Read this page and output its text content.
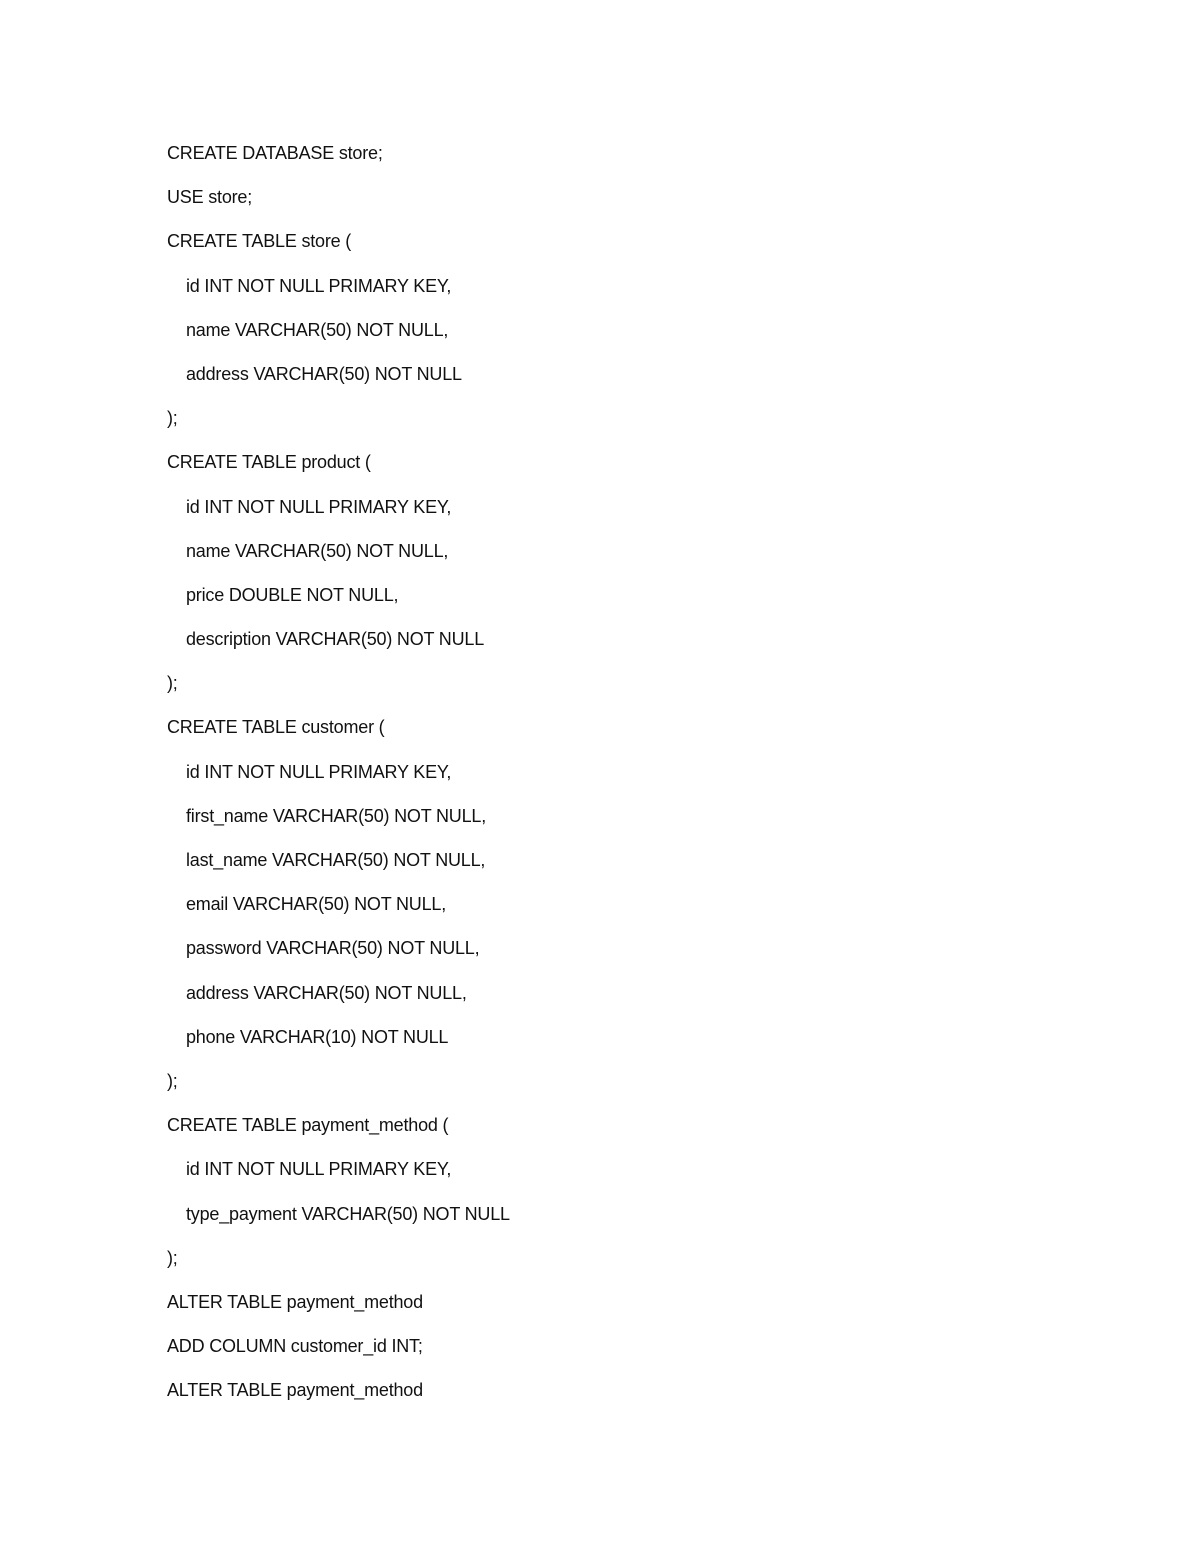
CREATE DATABASE store;
USE store;
CREATE TABLE store (
id INT NOT NULL PRIMARY KEY,
name VARCHAR(50) NOT NULL,
address VARCHAR(50) NOT NULL
);
CREATE TABLE product (
id INT NOT NULL PRIMARY KEY,
name VARCHAR(50) NOT NULL,
price DOUBLE NOT NULL,
description VARCHAR(50) NOT NULL
);
CREATE TABLE customer (
id INT NOT NULL PRIMARY KEY,
first_name VARCHAR(50) NOT NULL,
last_name VARCHAR(50) NOT NULL,
email VARCHAR(50) NOT NULL,
password VARCHAR(50) NOT NULL,
address VARCHAR(50) NOT NULL,
phone VARCHAR(10) NOT NULL
);
CREATE TABLE payment_method (
id INT NOT NULL PRIMARY KEY,
type_payment VARCHAR(50) NOT NULL
);
ALTER TABLE payment_method
ADD COLUMN customer_id INT;
ALTER TABLE payment_method
